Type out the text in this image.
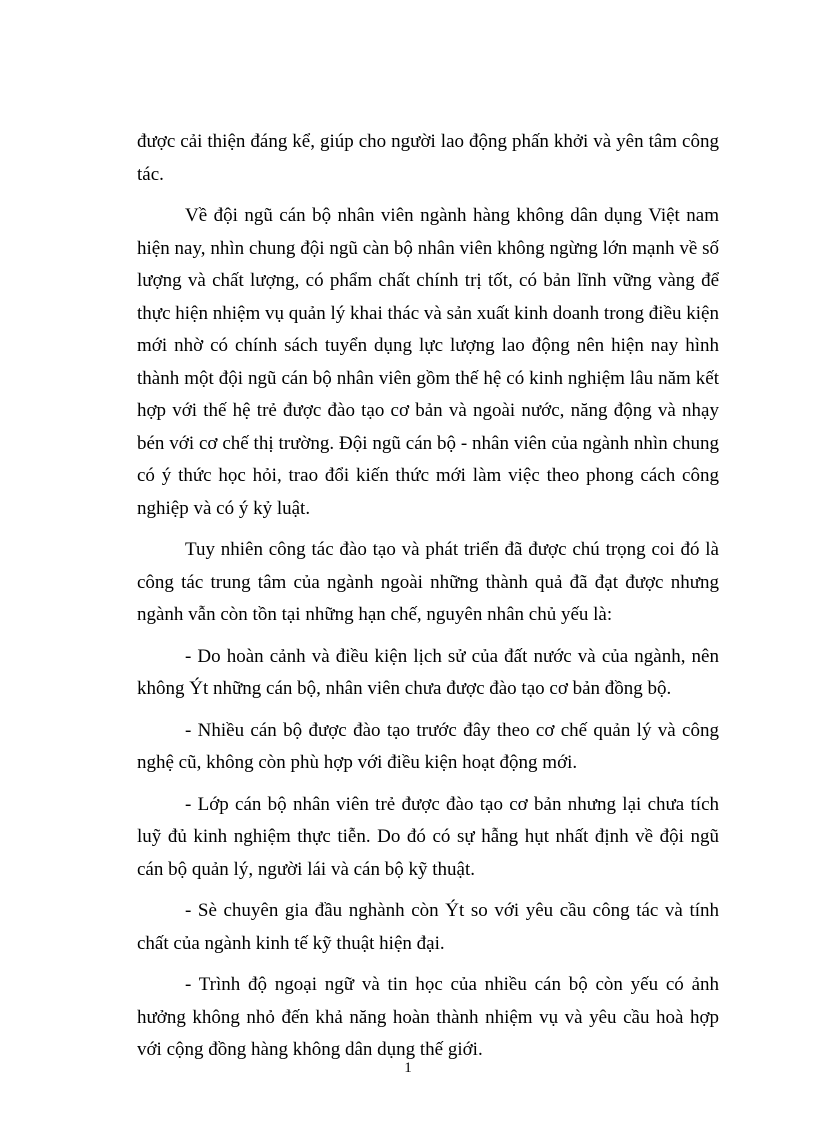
được cải thiện đáng kể, giúp cho người lao động phấn khởi và yên tâm công tác.

Về đội ngũ cán bộ nhân viên ngành hàng không dân dụng Việt nam hiện nay, nhìn chung đội ngũ càn bộ nhân viên không ngừng lớn mạnh về số lượng và chất lượng, có phẩm chất chính trị tốt, có bản lĩnh vững vàng để thực hiện nhiệm vụ quản lý khai thác và sản xuất kinh doanh trong điều kiện mới nhờ có chính sách tuyển dụng lực lượng lao động nên hiện nay hình thành một đội ngũ cán bộ nhân viên gồm thế hệ có kinh nghiệm lâu năm kết hợp với thế hệ trẻ được đào tạo cơ bản và ngoài nước, năng động và nhạy bén với cơ chế thị trường. Đội ngũ cán bộ - nhân viên của ngành nhìn chung có ý thức học hỏi, trao đổi kiến thức mới làm việc theo phong cách công nghiệp và có ý kỷ luật.

Tuy nhiên công tác đào tạo và phát triển đã được chú trọng coi đó là công tác trung tâm của ngành ngoài những thành quả đã đạt được nhưng ngành vẫn còn tồn tại những hạn chế, nguyên nhân chủ yếu là:

- Do hoàn cảnh và điều kiện lịch sử của đất nước và của ngành, nên không Ýt những cán bộ, nhân viên chưa được đào tạo cơ bản đồng bộ.

- Nhiều cán bộ được đào tạo trước đây theo cơ chế quản lý và công nghệ cũ, không còn phù hợp với điều kiện hoạt động mới.

- Lớp cán bộ nhân viên trẻ được đào tạo cơ bản nhưng lại chưa tích luỹ đủ kinh nghiệm thực tiễn. Do đó có sự hẫng hụt nhất định về đội ngũ cán bộ quản lý, người lái và cán bộ kỹ thuật.

- Sè chuyên gia đầu nghành còn Ýt so với yêu cầu công tác và tính chất của ngành kinh tế kỹ thuật hiện đại.

- Trình độ ngoại ngữ và tin học của nhiều cán bộ còn yếu có ảnh hưởng không nhỏ đến khả năng hoàn thành nhiệm vụ và yêu cầu hoà hợp với cộng đồng hàng không dân dụng thế giới.

1
